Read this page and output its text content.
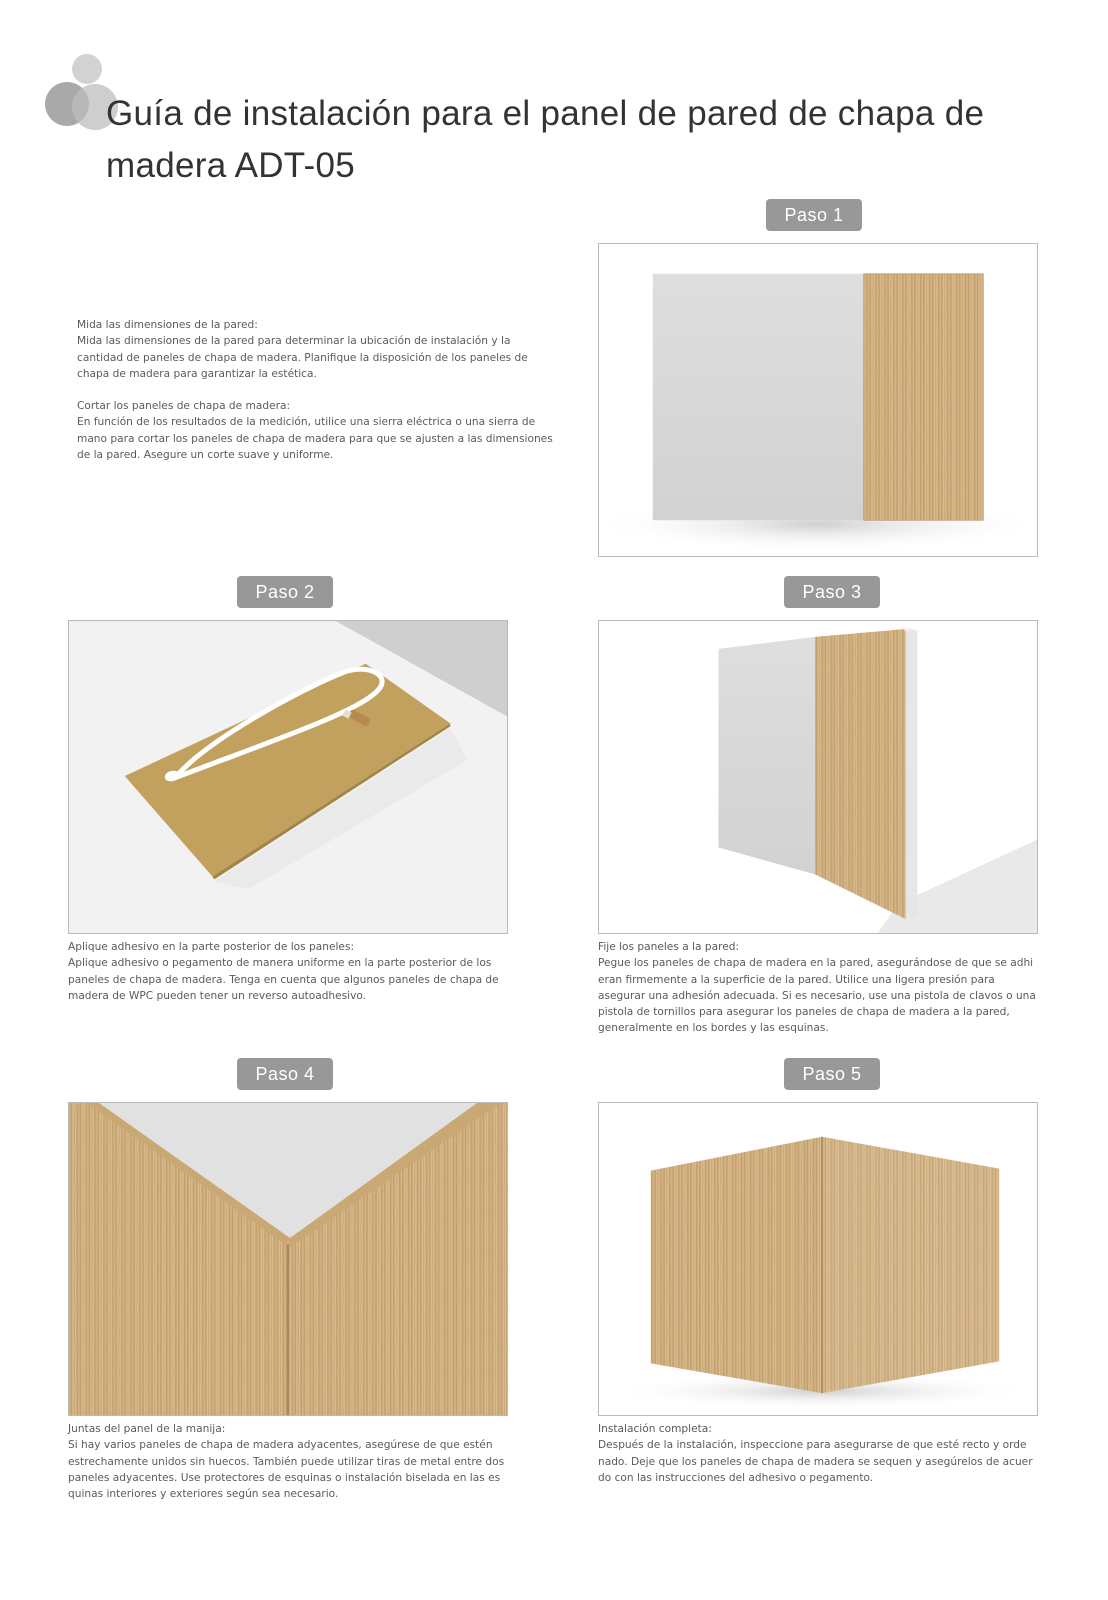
Guía de instalación para el panel de pared de chapa de madera ADT-05
Paso 1

Mida las dimensiones de la pared:

Mida las dimensiones de la pared para determinar la ubicación de instalación y la cantidad de paneles de chapa de madera. Planifique la disposición de los paneles de chapa de madera para garantizar la estética.

Cortar los paneles de chapa de madera:

En función de los resultados de la medición, utilice una sierra eléctrica o una sierra de mano para cortar los paneles de chapa de madera para que se ajusten a las dimensiones de la pared. Asegure un corte suave y uniforme.

Paso 2

Aplique adhesivo en la parte posterior de los paneles:

Aplique adhesivo o pegamento de manera uniforme en la parte posterior de los paneles de chapa de madera. Tenga en cuenta que algunos paneles de chapa de madera de WPC pueden tener un reverso autoadhesivo.

Paso 3

Fije los paneles a la pared:

Pegue los paneles de chapa de madera en la pared, asegurándose de que se adhi eran firmemente a la superficie de la pared. Utilice una ligera presión para asegurar una adhesión adecuada. Si es necesario, use una pistola de clavos o una pistola de tornillos para asegurar los paneles de chapa de madera a la pared, generalmente en los bordes y las esquinas.

Paso 4

Juntas del panel de la manija:

Si hay varios paneles de chapa de madera adyacentes, asegúrese de que estén estrechamente unidos sin huecos. También puede utilizar tiras de metal entre dos paneles adyacentes. Use protectores de esquinas o instalación biselada en las es quinas interiores y exteriores según sea necesario.

Paso 5

Instalación completa:

Después de la instalación, inspeccione para asegurarse de que esté recto y orde nado. Deje que los paneles de chapa de madera se sequen y asegúrelos de acuer do con las instrucciones del adhesivo o pegamento.
